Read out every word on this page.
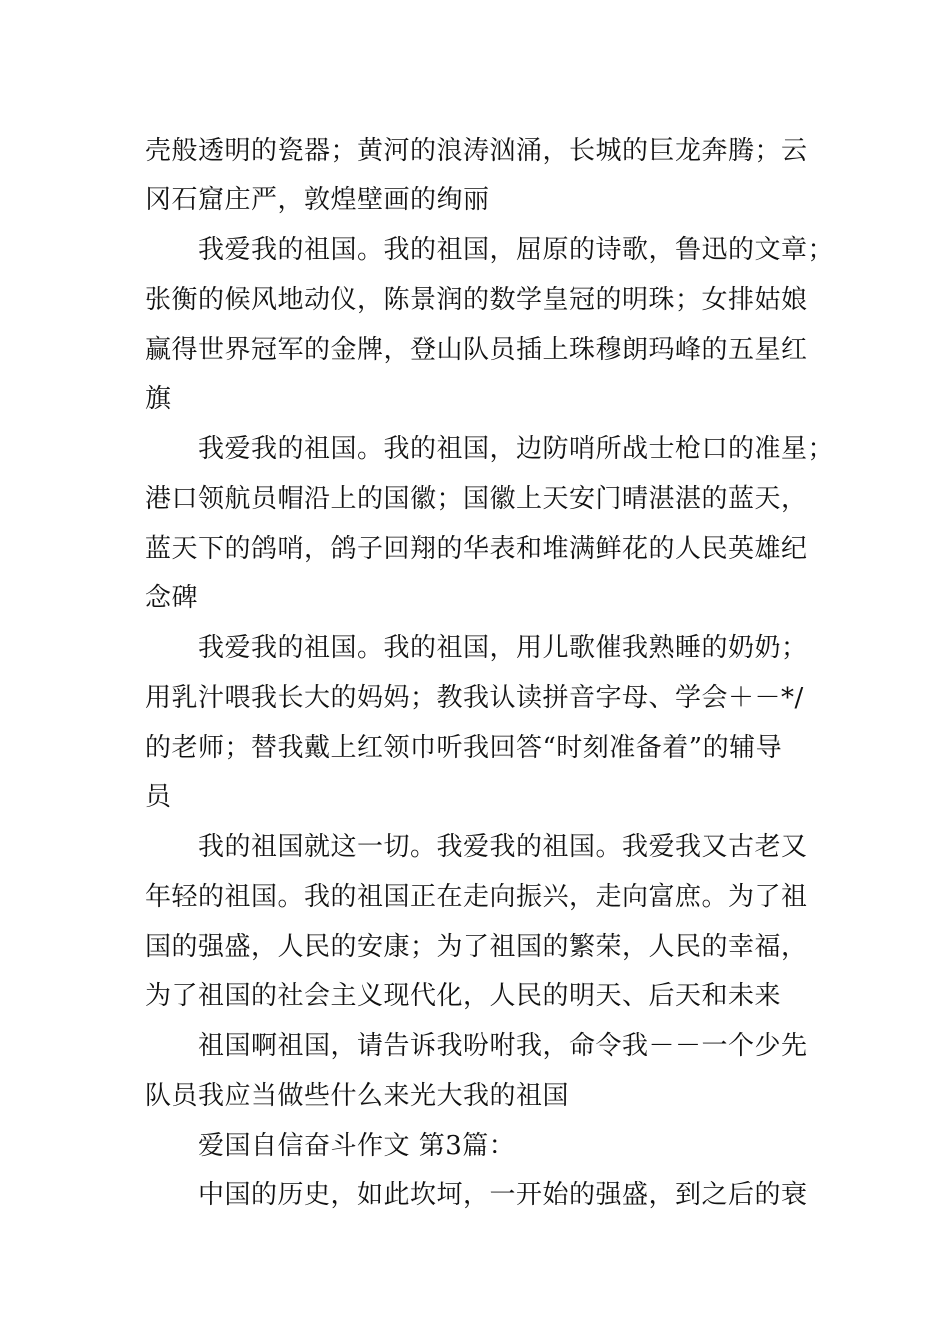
壳般透明的瓷器；黄河的浪涛汹涌，长城的巨龙奔腾；云
冈石窟庄严，敦煌壁画的绚丽
我爱我的祖国。我的祖国，屈原的诗歌，鲁迅的文章；
张衡的候风地动仪，陈景润的数学皇冠的明珠；女排姑娘
赢得世界冠军的金牌，登山队员插上珠穆朗玛峰的五星红
旗
我爱我的祖国。我的祖国，边防哨所战士枪口的准星；
港口领航员帽沿上的国徽；国徽上天安门晴湛湛的蓝天，
蓝天下的鸽哨，鸽子回翔的华表和堆满鲜花的人民英雄纪
念碑
我爱我的祖国。我的祖国，用儿歌催我熟睡的奶奶；
用乳汁喂我长大的妈妈；教我认读拼音字母、学会＋－*/
的老师；替我戴上红领巾听我回答“时刻准备着”的辅导
员
我的祖国就这一切。我爱我的祖国。我爱我又古老又
年轻的祖国。我的祖国正在走向振兴，走向富庶。为了祖
国的强盛，人民的安康；为了祖国的繁荣，人民的幸福，
为了祖国的社会主义现代化，人民的明天、后天和未来
祖国啊祖国，请告诉我吩咐我，命令我－－一个少先
队员我应当做些什么来光大我的祖国
爱国自信奋斗作文 第3篇：
中国的历史，如此坎坷，一开始的强盛，到之后的衰
